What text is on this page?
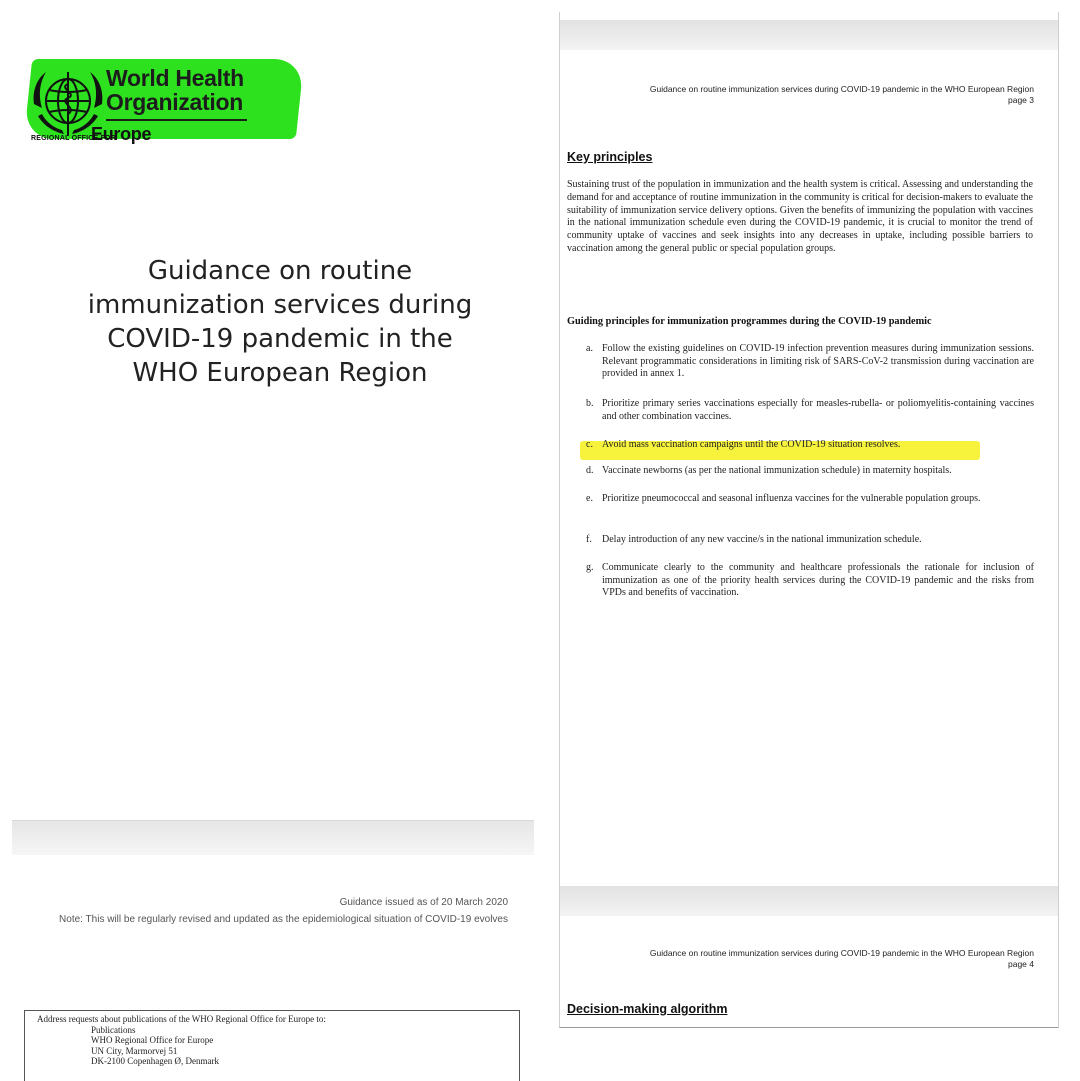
World Health
Organization
REGIONAL OFFICE FOR
Europe
Guidance on routine
immunization services during
COVID-19 pandemic in the
WHO European Region
Guidance issued as of 20 March 2020
Note: This will be regularly revised and updated as the epidemiological situation of COVID-19 evolves
Address requests about publications of the WHO Regional Office for Europe to:
Publications
WHO Regional Office for Europe
UN City, Marmorvej 51
DK-2100 Copenhagen Ø, Denmark
Guidance on routine immunization services during COVID-19 pandemic in the WHO European Region
page 3
Key principles
Sustaining trust of the population in immunization and the health system is critical. Assessing and understanding the demand for and acceptance of routine immunization in the community is critical for decision-makers to evaluate the suitability of immunization service delivery options. Given the benefits of immunizing the population with vaccines in the national immunization schedule even during the COVID-19 pandemic, it is crucial to monitor the trend of community uptake of vaccines and seek insights into any decreases in uptake, including possible barriers to vaccination among the general public or special population groups.
Guiding principles for immunization programmes during the COVID-19 pandemic
a. Follow the existing guidelines on COVID-19 infection prevention measures during immunization sessions. Relevant programmatic considerations in limiting risk of SARS-CoV-2 transmission during vaccination are provided in annex 1.
b. Prioritize primary series vaccinations especially for measles-rubella- or poliomyelitis-containing vaccines and other combination vaccines.
c. Avoid mass vaccination campaigns until the COVID-19 situation resolves.
d. Vaccinate newborns (as per the national immunization schedule) in maternity hospitals.
e. Prioritize pneumococcal and seasonal influenza vaccines for the vulnerable population groups.
f. Delay introduction of any new vaccine/s in the national immunization schedule.
g. Communicate clearly to the community and healthcare professionals the rationale for inclusion of immunization as one of the priority health services during the COVID-19 pandemic and the risks from VPDs and benefits of vaccination.
Guidance on routine immunization services during COVID-19 pandemic in the WHO European Region
page 4
Decision-making algorithm
